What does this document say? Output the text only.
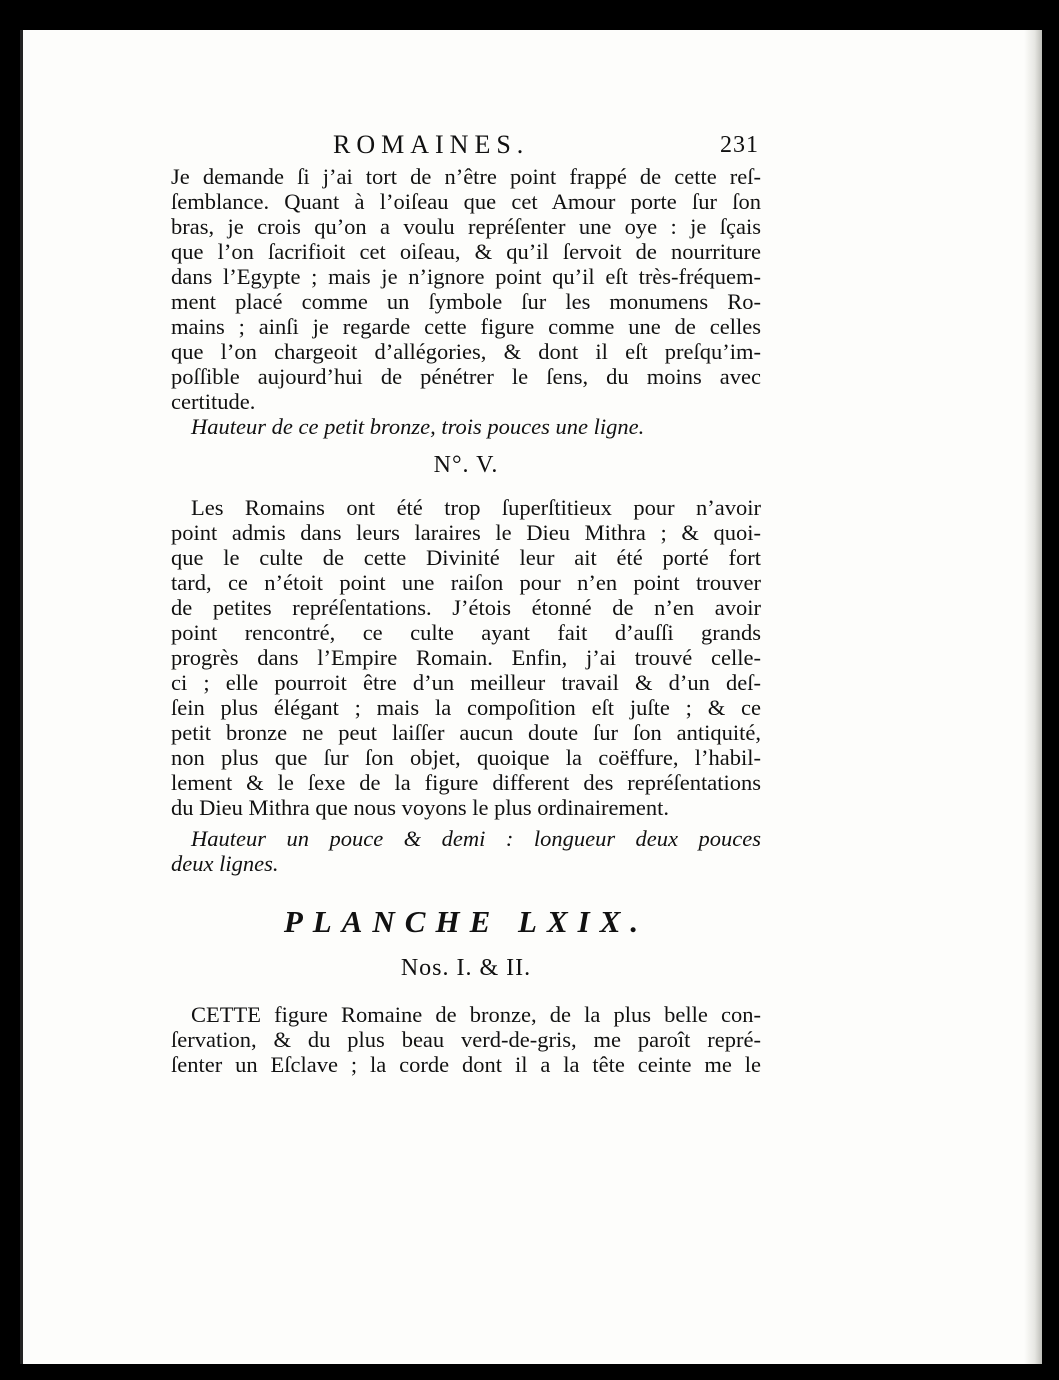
ROMAINES.	231
Je demande ſi j’ai tort de n’être point frappé de cette reſ-
ſemblance. Quant à l’oiſeau que cet Amour porte ſur ſon
bras, je crois qu’on a voulu repréſenter une oye : je ſçais
que l’on ſacrifioit cet oiſeau, & qu’il ſervoit de nourriture
dans l’Egypte ; mais je n’ignore point qu’il eſt très-fréquem-
ment placé comme un ſymbole ſur les monumens Ro-
mains ; ainſi je regarde cette figure comme une de celles
que l’on chargeoit d’allégories, & dont il eſt preſqu’im-
poſſible aujourd’hui de pénétrer le ſens, du moins avec
certitude.
Hauteur de ce petit bronze, trois pouces une ligne.
N°. V.
Les Romains ont été trop ſuperſtitieux pour n’avoir
point admis dans leurs laraires le Dieu Mithra ; & quoi-
que le culte de cette Divinité leur ait été porté fort
tard, ce n’étoit point une raiſon pour n’en point trouver
de petites repréſentations. J’étois étonné de n’en avoir
point rencontré, ce culte ayant fait d’auſſi grands
progrès dans l’Empire Romain. Enfin, j’ai trouvé celle-
ci ; elle pourroit être d’un meilleur travail & d’un deſ-
ſein plus élégant ; mais la compoſition eſt juſte ; & ce
petit bronze ne peut laiſſer aucun doute ſur ſon antiquité,
non plus que ſur ſon objet, quoique la coëffure, l’habil-
lement & le ſexe de la figure different des repréſentations
du Dieu Mithra que nous voyons le plus ordinairement.
Hauteur un pouce & demi : longueur deux pouces
deux lignes.
PLANCHE LXIX.
Nos. I. & II.
CETTE figure Romaine de bronze, de la plus belle con-
ſervation, & du plus beau verd-de-gris, me paroît repré-
ſenter un Eſclave ; la corde dont il a la tête ceinte me le
